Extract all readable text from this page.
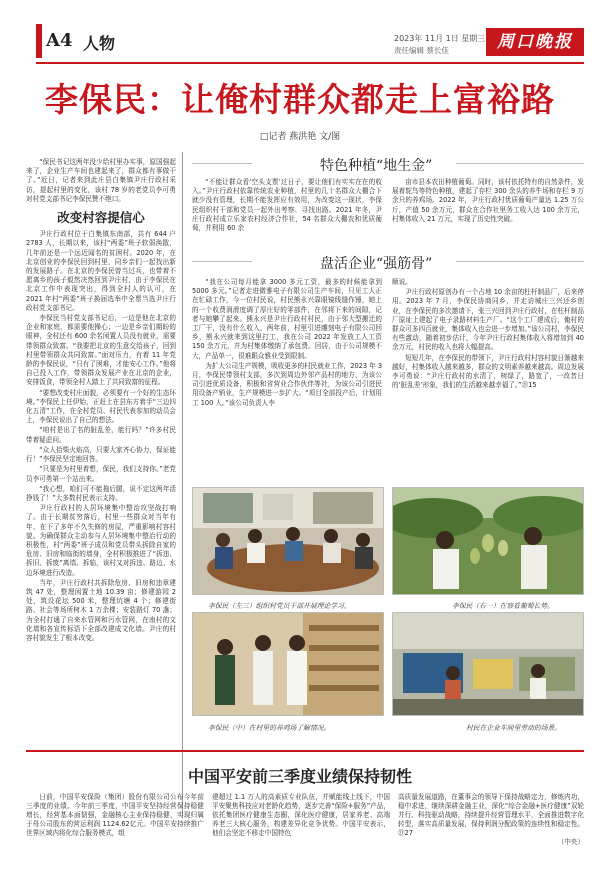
A4 人物	2023年 11月 1日 星期三
责任编辑 蔡长佳	周口晚报
李保民：让俺村群众都走上富裕路
□记者 燕洪艳 文/图

“保民书记这两年没少给村里办实事，原国强起来了，企业生产车间也建起来了，群众都有事做干了。”近日，记者来到此庄县白集镇尹庄行政村采访，提起村里的变化，该村 78 岁的老党员李可勇对村党支部书记李保民赞不绝口。

改变村容提信心

尹庄行政村位于白集镇东南部，共有 644 户 2783 人，长期以来，该村“两委”班子软弱涣散，几年前还是一个远近闻名的贫困村。2020 年，在北京创业的李保民回到村里，同乡亲们一起找出新的发展路子。在北京的李保民曾当过兵，也带着不愿离乡的孩子毅然决然回到尹庄村，由于李保民在北京工作中表现突出，得到全村人的认可，在 2021 年村“两委”班子换届选举中全票当选尹庄行政村党支部书记。

李保民当村党支部书记后，一边是他在北京的企业和家庭，都需要他操心；一边是乡亲们期盼的眼神，全村还有 600 余名闲置人员没有就业，需要带领群众致富。“我要把北京的生意交给孩子，回到村里带领群众共同致富。”面对压力，有着 11 年党龄的李保民说，“只有了困难，才能安心工作。”他将自己投入工作，带领群众发展产业在北京的企业，安排饭食，带领全村人踏上了共同致富的征程。

“要想改变村庄面貌，必须要有一个好的生态环境。”李保民上任伊始，正赶上在县东方着手“三边四化五清”工作，在全村党员、村民代表参加的动员会上，李保民说出了自己的想法。

“咱村是出了名的脏乱差，能行吗？”许多村民带着疑虑问。

“众人拾柴火焰高，只要大家齐心协力，保证能行！”李保民坚定地回答。

“只要是为村里着想，保民，我们支持你。”老党员李可勇第一个站出来。

“我心想，咱们可不能拖后腿，说不定这两年活挣钱了！”大多数村民表示支持。

尹庄行政村的人居环境集中整治攻坚战打响了。由于长期贫穷落后，村里一些群众对当年有年、在下了多年不久失修的房屋，严重影响村容村貌。为确保群众主动参与人居环境集中整治行动的积极性，村“两委”班子成员和党员带头拆除自家的危房、旧房和临街的墙身，全村积极推进了“拆违、拆旧、拆废”离墙、拆临，该村又对拆违、路边、水边环境进行改造。

当年，尹庄行政村共拆除危房、旧房和违章建筑 47 处，整理闲置土地 10.39 亩；修建游园 2 处，筑设花坛 500 米，整理坑塘 4 个；修建街路、社会等场所树木 1 万余棵；安装路灯 70 盏；为全村打通了自来水管网和污水管网，在南村的文化墙和各宣传标语下全部改建成文化墙。尹庄的村容村貌发生了根本改变。

特色种植“地生金”

“不能让群众看‘空头支票’过日子，要让他们有实实在在的收入。”尹庄行政村依靠传统农业种植，村里的几十名群众大棚合下就少没有管理，长期不能发挥应有效用，为改变这一现状，李保民组织村干部和党员一起外出考察、寻找出路。2021 年冬，尹庄行政村成立乐家农村经济合作社，54 名群众大棚农和优质葡萄，并利用 60 余

亩市县本农田种植葡萄。同时，该村依托特有的自然条件，发展着鸵鸟等特色种植，建起了存栏 300 余头的养牛场和存栏 9 万余只的养鸡场。2022 年，尹庄行政村优质葡萄产量达 1.25 万公斤，产值 50 余万元，群众在合作社里务工收入达 100 余万元，村集体收入 21 万元，实现了历史性突破。

盘活企业“强筋骨”

“我在公司每月能拿 3000 多元工资，最多的时候能拿到 5000 多元。”记者走进微雅电子有限公司生产车间，只见工人正在忙碌工作，今一位村民说，村民熊永兴靠眼镜线缝作锤，她上的一个收费润滑度调了厚庄好的零部件，在邻将下来的间隙，记者与她攀了起来。熊永兴是尹庄行政村村民，由于邻大型搬迁的工厂干，没有什么收入，两年前，村里引进雕刻电子有限公司回乡，熊永兴就来到这里打工，我在公司 2022 年发放工人工资 150 余万元，并为村集体缴纳了承包费。回居，由于公司规模不大，产品单一，很难跟众雅业受到限制。

为扩大公司生产规模，吸收更多的村民就业工作，2023 年 3 月，李保民带领村支部，多次到周边外邻产品村的地方，为该公司引进优质设备，积极和省营业合作伙伴等社，为该公司引进民用设备产销业，生产规模进一步扩大。“项目全部投产后，计划用工 100 人。”该公司负责人李

顺说。

尹庄行政村原创办有一个占地 10 余亩的柱杆制品厂，后来停用。2023 年 7 月，李保民协商同乡，并走访城庄三兴还乡创业，在李保民的多次邀请下，张三兴回到尹庄行政村，在柱杆制品厂原址上建起了电子录路材料生产厂。“这个工厂建成后，俺村的群众可多四百就业，集体收入也会进一步增加。”该公司村，李保民有些激动，随着初步估计，今年尹庄行政村集体收入将增加到 40 余万元，村民的收入也将大幅提高。

短短几年，在李保民的带领下，尹庄行政村村容村貌日渐越来越好，村集体收入越来越多，群众的文明素养越来越高。周边发展李可勇说：“尹庄行政村的水清了，树绿了，路宽了，一改昔日的‘脏乱差’形象，我们的生活越来越幸福了。”㉑15

李保民（左三）组织村党员干部开展理论学习。	李保民（右一）在察看葡萄长势。
李保民（中）在村里的养鸡场了解情况。	村民在企业车间里劳动的场景。
中国平安前三季度业绩保持韧性

日前，中国平安保险（集团）股份有限公司公布今年前三季度的业绩。今年前三季度，中国平安坚持经营保持稳健增长，经营基本面韧强，金融核心主业保持稳健，实现归属于母公司股东的营运利润 1124.62亿元。中国平安持续推广世界区域内将化综合服务模式，组

建超过 1.1 万人的高素质专业队伍，并赋能线上线下，中国平安聚焦科技应对老龄化趋势，逐步完善“保险+服务”产品，依托集团医疗健康生态圈，深化医疗健康，居家养老、高端养老三大核心服务，构建差异化竞争优势。中国平安表示，他们会坚定不移走中国特色

高质量发展道路，在董事会的领导下保持战略定力，修炼内功，稳中求进，继续深耕金融主业，深化“综合金融+医疗健康”双轮并行、科技驱动战略，持续提升经营管理水平，全面推进数字化转型，落实高质量发展，保持利润分配政策的连续性和稳定性。㉑27

（中央）
